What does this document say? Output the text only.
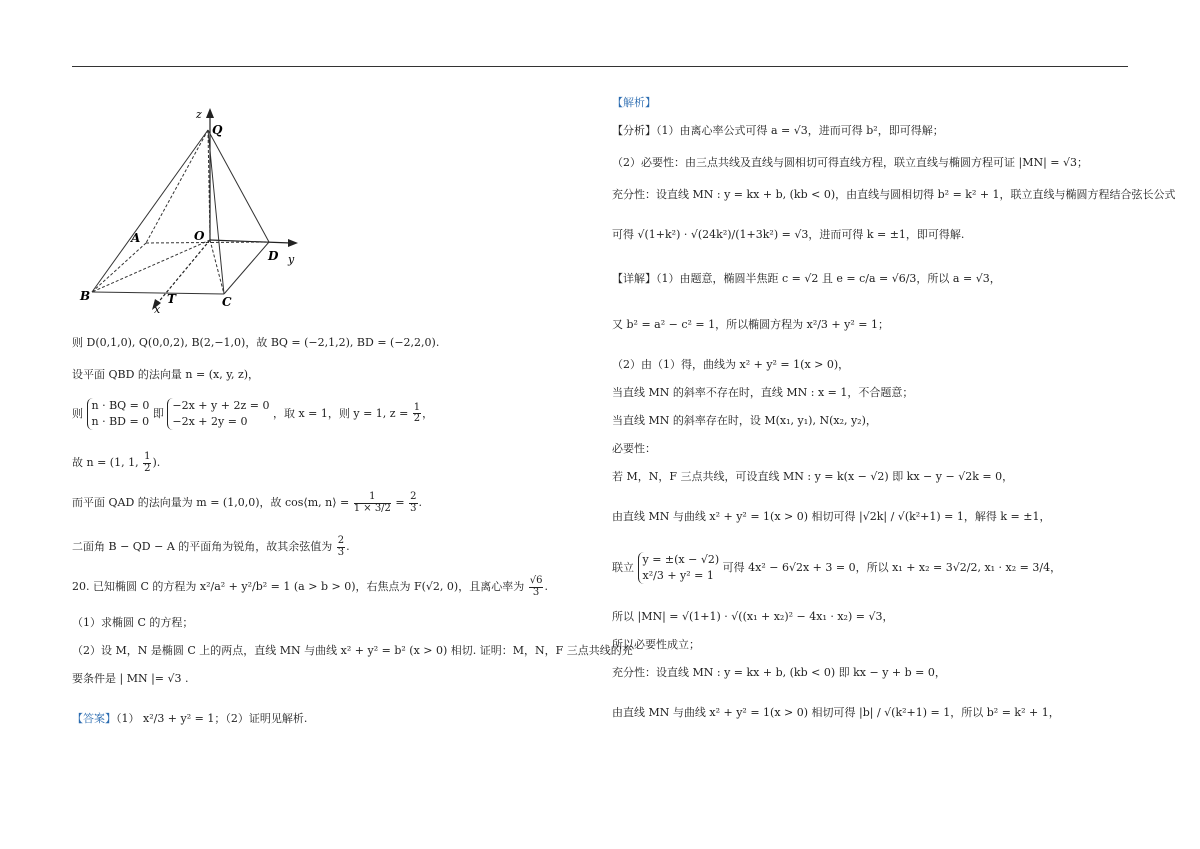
z
Q
A	O
D y
B	T	C
x
则 D(0,1,0), Q(0,0,2), B(2,−1,0)，故 BQ = (−2,1,2), BD = (−2,2,0).
设平面 QBD 的法向量 n = (x, y, z)，
则
n · BQ = 0
n · BD = 0
即
−2x + y + 2z = 0
−2x + 2y = 0
，取 x = 1，则 y = 1, $z = \frac{1}{2}$ ，
故 n = (1, 1, $\frac{1}{2}$ ).
而平面 QAD 的法向量为 m = (1,0,0)，故 cos⟨m, n⟩ = $\frac{1}{1 \times 3/2} = \frac{2}{3}$ .
二面角 B − QD − A 的平面角为锐角，故其余弦值为 $\frac{2}{3}$ .
20. 已知椭圆 C 的方程为 x²/a² + y²/b² = 1 (a > b > 0)，右焦点为 F(√2, 0)，且离心率为 $\frac{√6}{3}$ .
（1）求椭圆 C 的方程；
（2）设 M，N 是椭圆 C 上的两点，直线 MN 与曲线 x² + y² = b² (x > 0) 相切. 证明：M，N，F 三点共线的充
要条件是 | MN |= √3 .
【答案】（1） x²/3 + y² = 1；（2）证明见解析.
【解析】
【分析】（1）由离心率公式可得 a = √3，进而可得 b²，即可得解；
（2）必要性：由三点共线及直线与圆相切可得直线方程，联立直线与椭圆方程可证 |MN| = √3；
充分性：设直线 MN : y = kx + b, (kb < 0)，由直线与圆相切得 b² = k² + 1，联立直线与椭圆方程结合弦长公式
可得 √(1+k²) · √(24k²)/(1+3k²) = √3，进而可得 k = ±1，即可得解.
【详解】（1）由题意，椭圆半焦距 c = √2 且 e = c/a = √6/3，所以 a = √3，
又 b² = a² − c² = 1，所以椭圆方程为 x²/3 + y² = 1；
（2）由（1）得，曲线为 x² + y² = 1(x > 0)，
当直线 MN 的斜率不存在时，直线 MN : x = 1，不合题意；
当直线 MN 的斜率存在时，设 M(x₁, y₁), N(x₂, y₂)，
必要性：
若 M，N，F 三点共线，可设直线 MN : y = k(x − √2) 即 kx − y − √2k = 0，
由直线 MN 与曲线 x² + y² = 1(x > 0) 相切可得 |√2k| / √(k²+1) = 1，解得 k = ±1，
联立
y = ±(x − √2)
x²/3 + y² = 1
可得 4x² − 6√2x + 3 = 0，所以 x₁ + x₂ = 3√2/2, x₁ · x₂ = 3/4，
所以 |MN| = √(1+1) · √((x₁ + x₂)² − 4x₁ · x₂) = √3，
所以必要性成立；
充分性：设直线 MN : y = kx + b, (kb < 0) 即 kx − y + b = 0，
由直线 MN 与曲线 x² + y² = 1(x > 0) 相切可得 |b| / √(k²+1) = 1，所以 b² = k² + 1，
